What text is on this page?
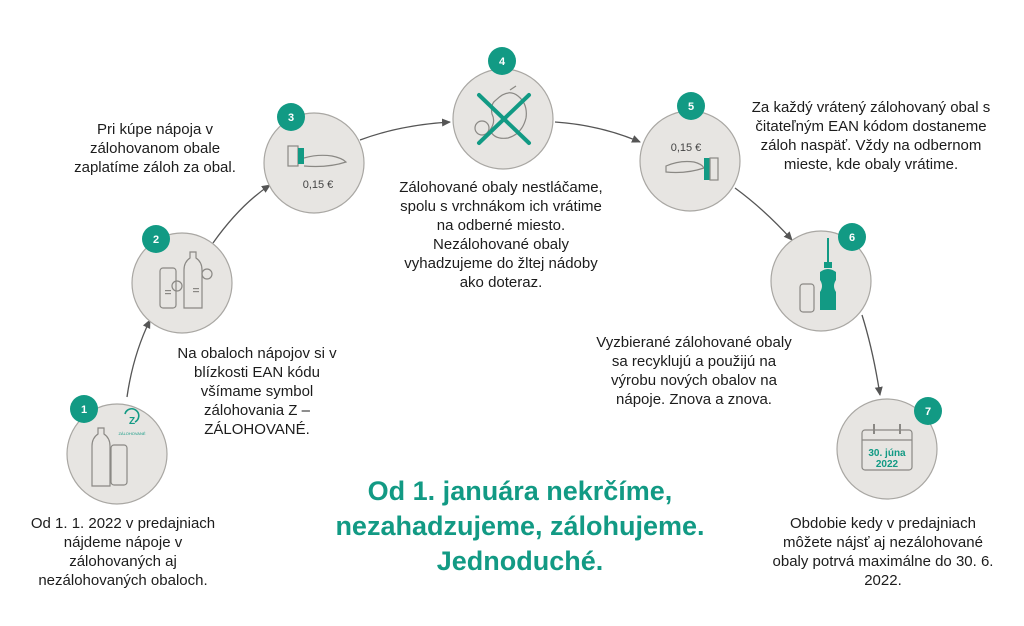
Z
ZÁLOHOVANÉ
1
2
0,15 €
3
4
0,15 €
5
6
30. júna
2022
7

Od 1. 1. 2022 v predajniach nájdeme nápoje v zálohovaných aj nezálohovaných obaloch.

Na obaloch nápojov si v blízkosti EAN kódu všímame symbol zálohovania Z – ZÁLOHOVANÉ.

Pri kúpe nápoja v zálohovanom obale zaplatíme záloh za obal.

Zálohované obaly nestláčame, spolu s vrchnákom ich vrátime na odberné miesto. Nezálohované obaly vyhadzujeme do žltej nádoby ako doteraz.

Za každý vrátený zálohovaný obal s čitateľným EAN kódom dostaneme záloh naspäť. Vždy na odbernom mieste, kde obaly vrátime.

Vyzbierané zálohované obaly sa recyklujú a použijú na výrobu nových obalov na nápoje. Znova a znova.

Obdobie kedy v predajniach môžete nájsť aj nezálohované obaly potrvá maximálne do 30. 6. 2022.

Od 1. januára nekrčíme,
nezahadzujeme, zálohujeme.
Jednoduché.
